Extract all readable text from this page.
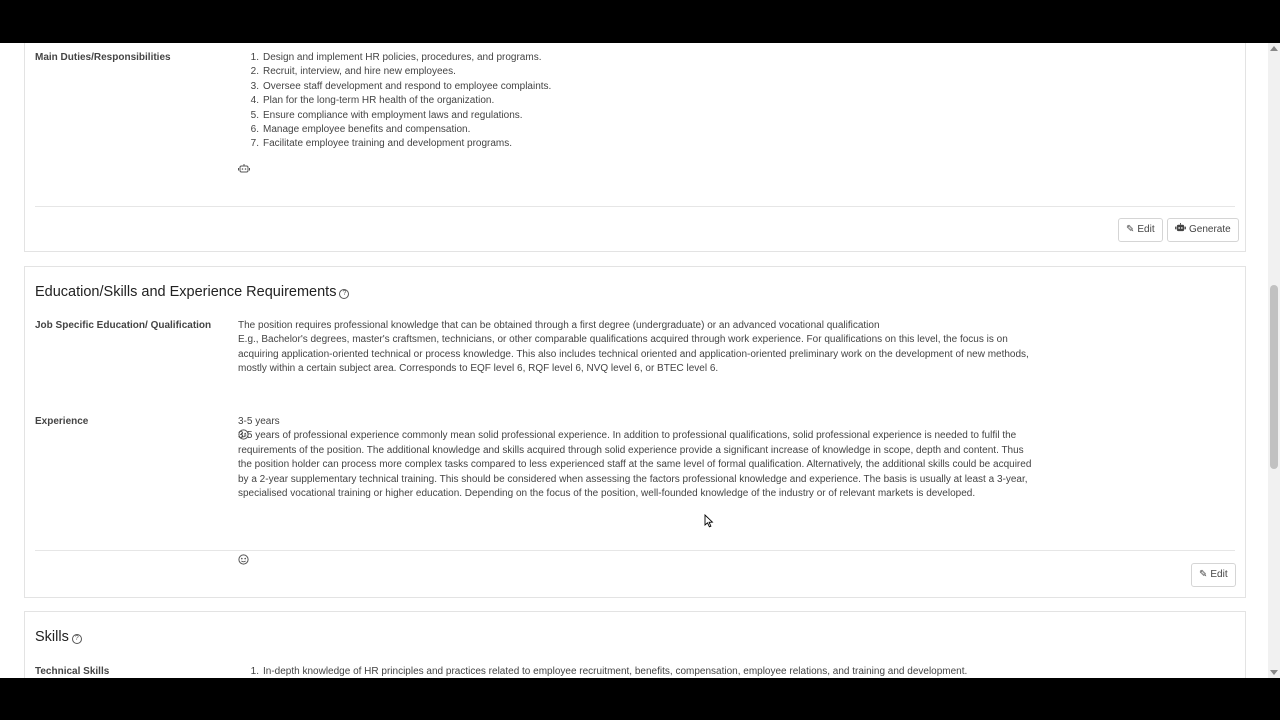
Main Duties/Responsibilities	Design and implement HR policies, procedures, and programs.
Recruit, interview, and hire new employees.
Oversee staff development and respond to employee complaints.
Plan for the long-term HR health of the organization.
Ensure compliance with employment laws and regulations.
Manage employee benefits and compensation.
Facilitate employee training and development programs.
✎ Edit	Generate
Education/Skills and Experience Requirements ?
Job Specific Education/ Qualification	The position requires professional knowledge that can be obtained through a first degree (undergraduate) or an advanced vocational qualification

E.g., Bachelor's degrees, master's craftsmen, technicians, or other comparable qualifications acquired through work experience. For qualifications on this level, the focus is on acquiring application-oriented technical or process knowledge. This also includes technical oriented and application-oriented preliminary work on the development of new methods, mostly within a certain subject area. Corresponds to EQF level 6, RQF level 6, NVQ level 6, or BTEC level 6.

Experience	3-5 years

3-5 years of professional experience commonly mean solid professional experience. In addition to professional qualifications, solid professional experience is needed to fulfil the requirements of the position. The additional knowledge and skills acquired through solid experience provide a significant increase of knowledge in scope, depth and content. Thus the position holder can process more complex tasks compared to less experienced staff at the same level of formal qualification. Alternatively, the additional skills could be acquired by a 2-year supplementary technical training. This should be considered when assessing the factors professional knowledge and experience. The basis is usually at least a 3-year, specialised vocational training or higher education. Depending on the focus of the position, well-founded knowledge of the industry or of relevant markets is developed.

✎ Edit
Skills ?
Technical Skills	In-depth knowledge of HR principles and practices related to employee recruitment, benefits, compensation, employee relations, and training and development.
